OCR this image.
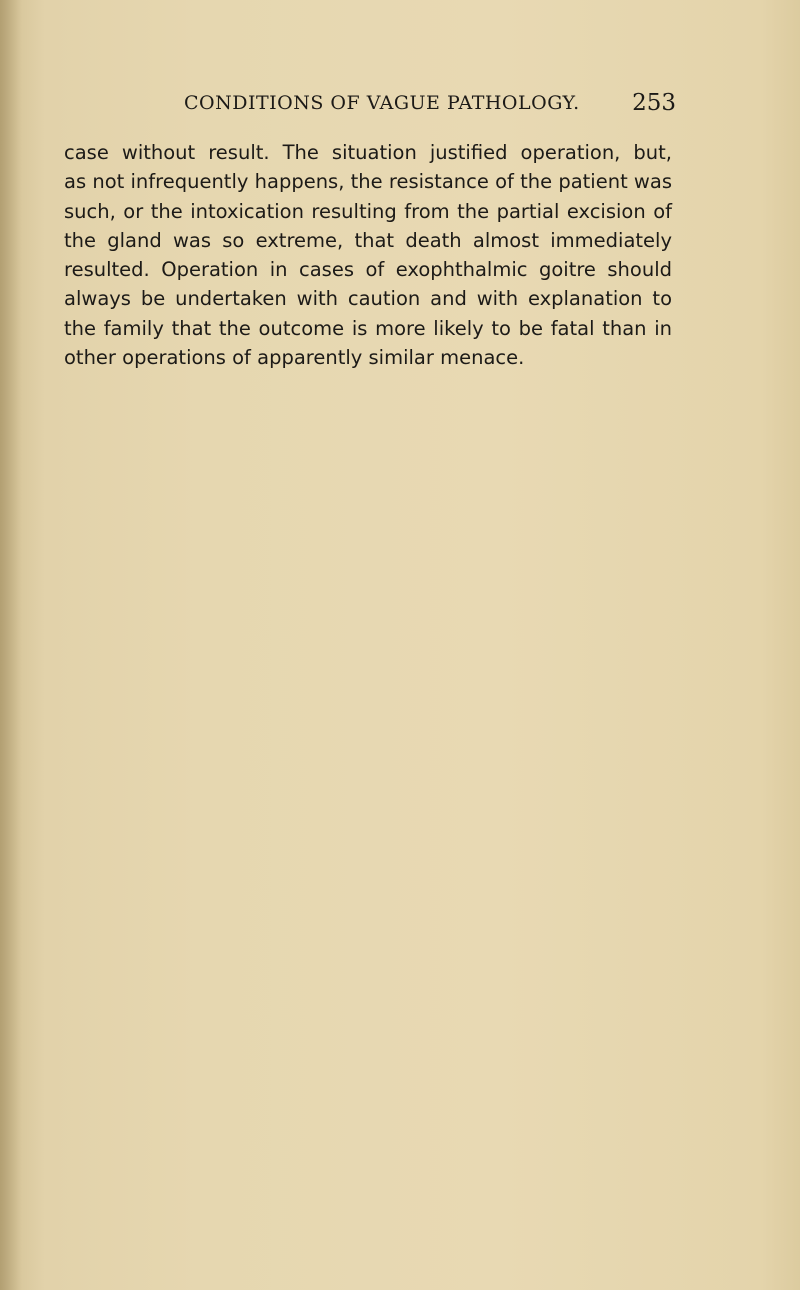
CONDITIONS OF VAGUE PATHOLOGY. 253
case without result. The situation justified operation, but,
as not infrequently happens, the resistance of the patient was
such, or the intoxication resulting from the partial excision of
the gland was so extreme, that death almost immediately
resulted. Operation in cases of exophthalmic goitre should
always be undertaken with caution and with explanation to
the family that the outcome is more likely to be fatal than in
other operations of apparently similar menace.
